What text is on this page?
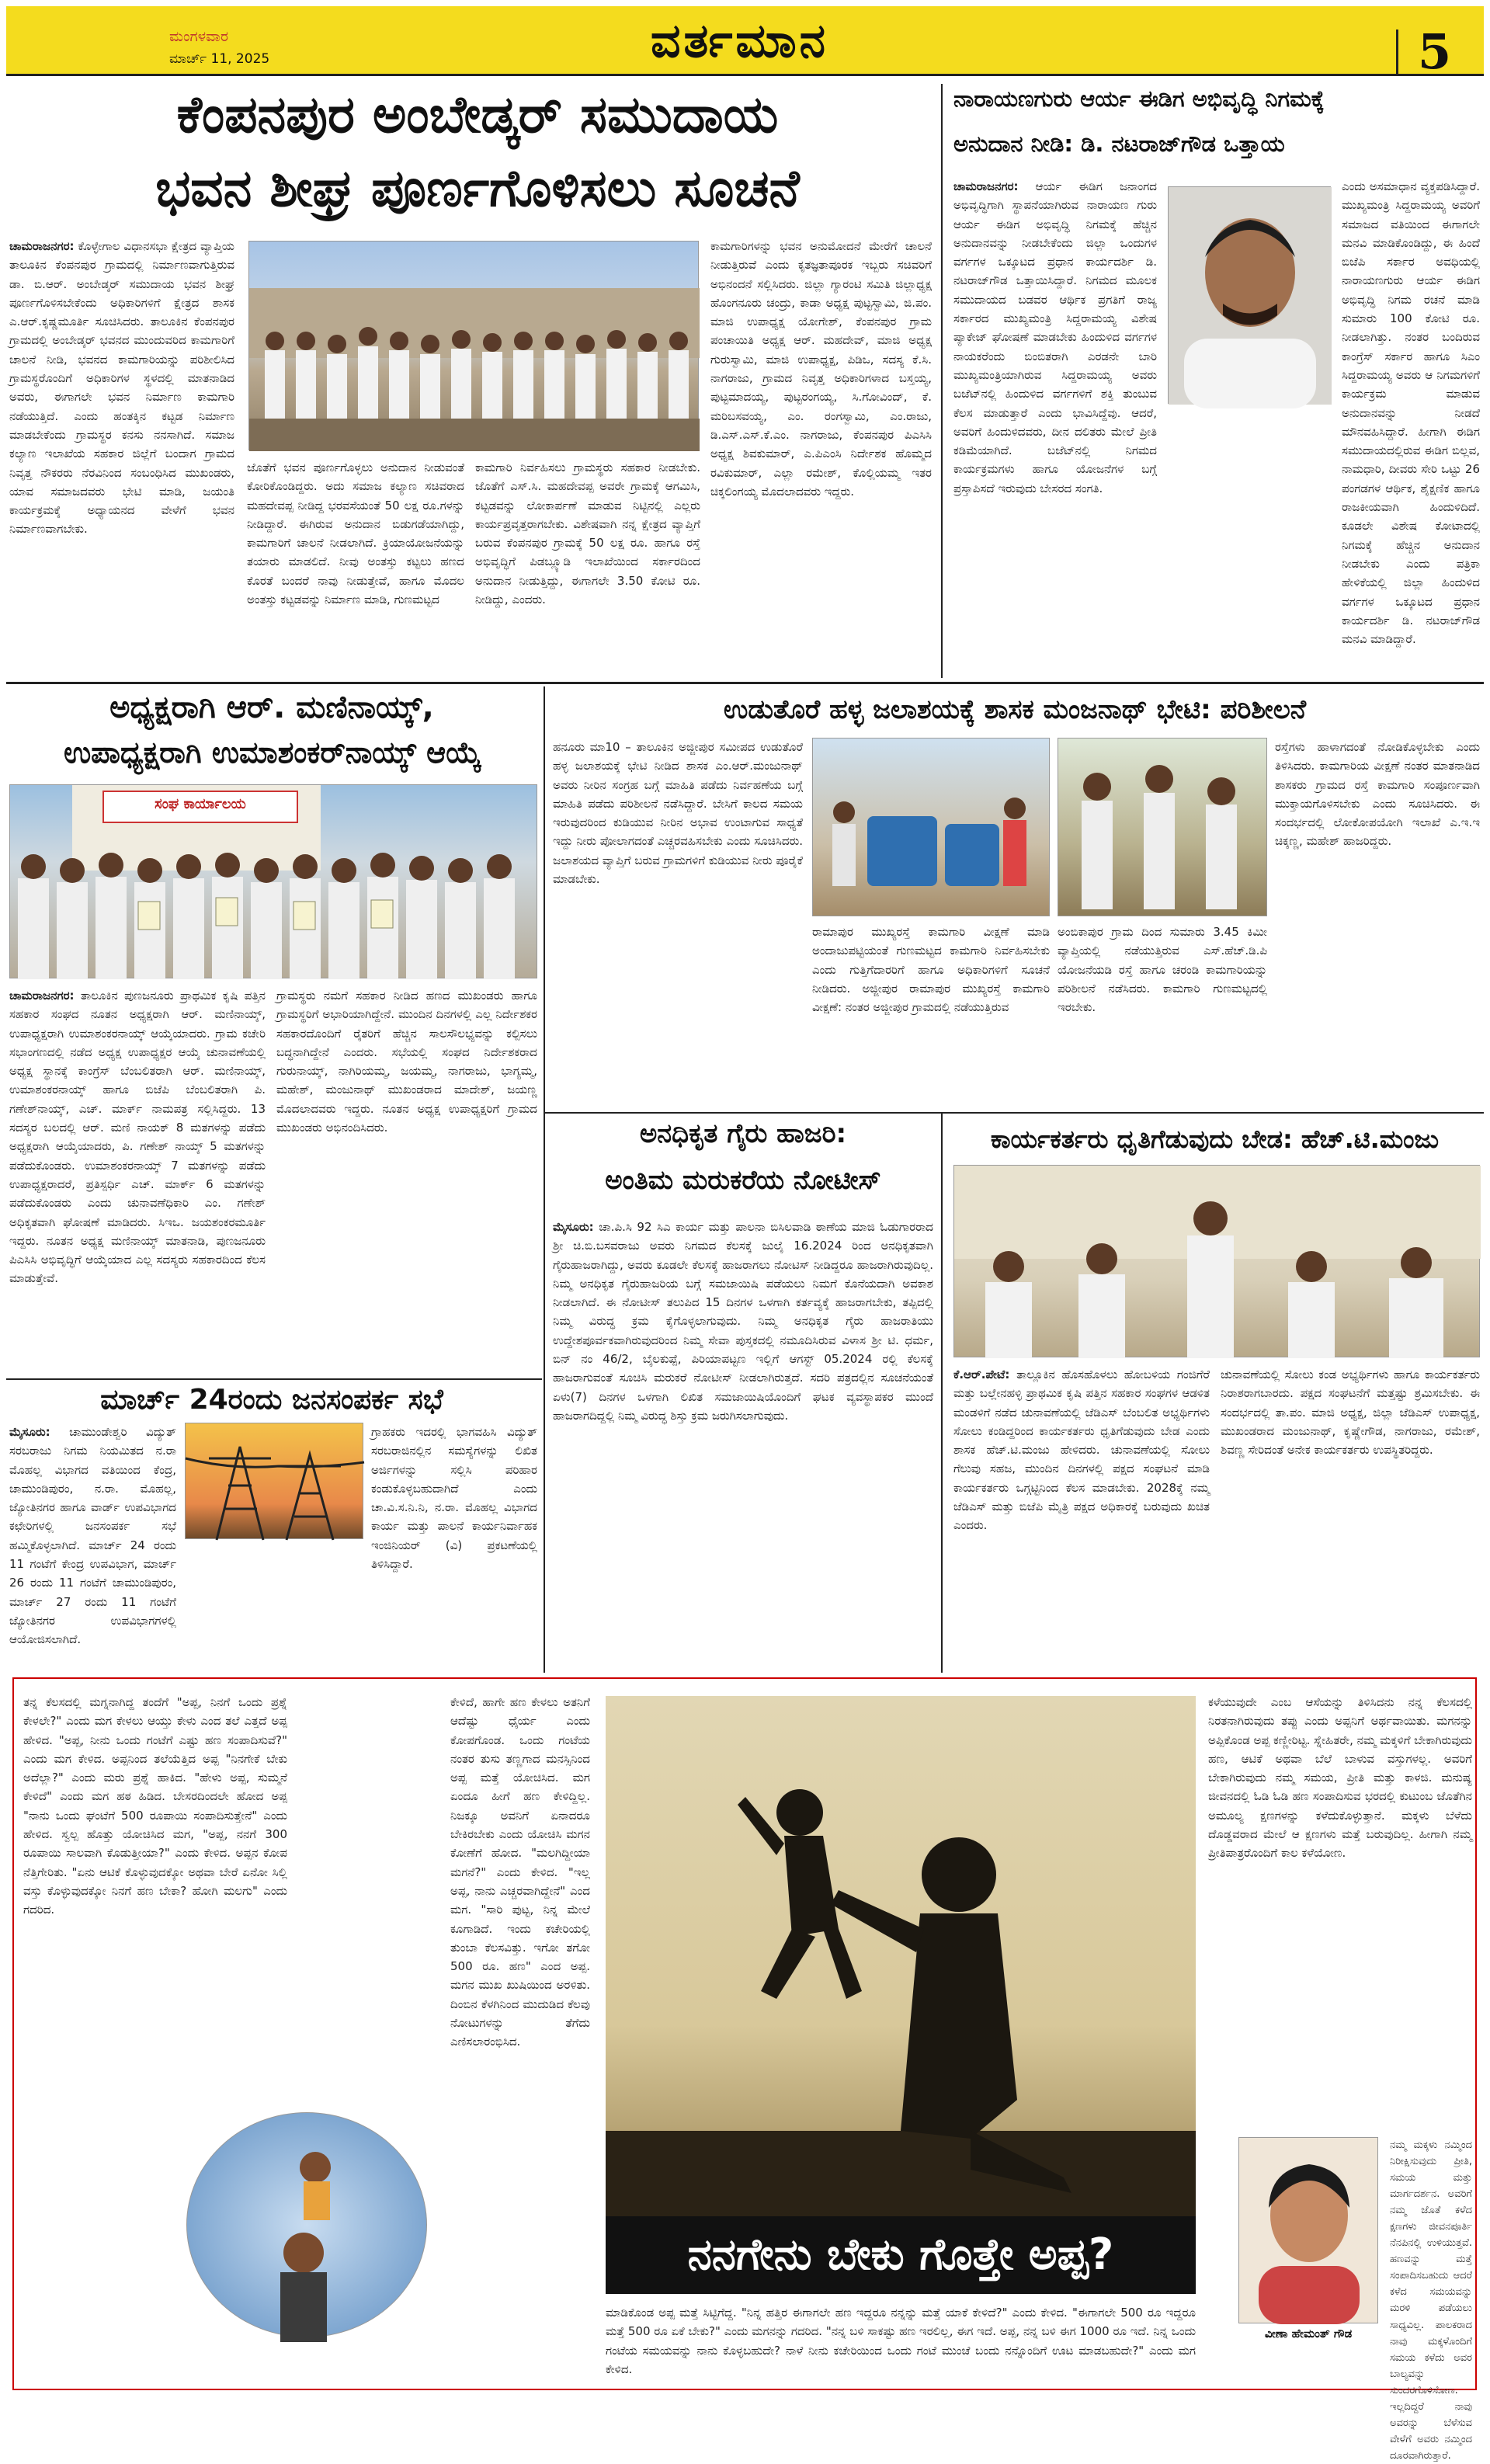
ಮಂಗಳವಾರ
ಮಾರ್ಚ್ 11, 2025	ವರ್ತಮಾನ	5
ಕೆಂಪನಪುರ ಅಂಬೇಡ್ಕರ್ ಸಮುದಾಯ
ಭವನ ಶೀಘ್ರ ಪೂರ್ಣಗೊಳಿಸಲು ಸೂಚನೆ
ಚಾಮರಾಜನಗರ: ಕೊಳ್ಳೇಗಾಲ ವಿಧಾನಸಭಾ ಕ್ಷೇತ್ರದ ವ್ಯಾಪ್ತಿಯ ತಾಲೂಕಿನ ಕೆಂಪನಪುರ ಗ್ರಾಮದಲ್ಲಿ ನಿರ್ಮಾಣವಾಗುತ್ತಿರುವ ಡಾ. ಬಿ.ಆರ್. ಅಂಬೇಡ್ಕರ್ ಸಮುದಾಯ ಭವನ ಶೀಘ್ರ ಪೂರ್ಣಗೊಳಿಸಬೇಕೆಂದು ಅಧಿಕಾರಿಗಳಿಗೆ ಕ್ಷೇತ್ರದ ಶಾಸಕ ಎ.ಆರ್.ಕೃಷ್ಣಮೂರ್ತಿ ಸೂಚಿಸಿದರು. ತಾಲೂಕಿನ ಕೆಂಪನಪುರ ಗ್ರಾಮದಲ್ಲಿ ಅಂಬೇಡ್ಕರ್ ಭವನದ ಮುಂದುವರಿದ ಕಾಮಗಾರಿಗೆ ಚಾಲನೆ ನೀಡಿ, ಭವನದ ಕಾಮಗಾರಿಯನ್ನು ಪರಿಶೀಲಿಸಿದ ಗ್ರಾಮಸ್ಥರೊಂದಿಗೆ ಅಧಿಕಾರಿಗಳ ಸ್ಥಳದಲ್ಲಿ ಮಾತನಾಡಿದ ಅವರು, ಈಗಾಗಲೇ ಭವನ ನಿರ್ಮಾಣ ಕಾಮಗಾರಿ ನಡೆಯುತ್ತಿದೆ. ಎಂದು ಹಂತಕ್ಕಿನ ಕಟ್ಟಡ ನಿರ್ಮಾಣ ಮಾಡಬೇಕೆಂದು ಗ್ರಾಮಸ್ಥರ ಕನಸು ನನಸಾಗಿದೆ. ಸಮಾಜ ಕಲ್ಯಾಣ ಇಲಾಖೆಯ ಸಹಕಾರ ಜಿಲ್ಲೆಗೆ ಬಂದಾಗ ಗ್ರಾಮದ ನಿವೃತ್ತ ನೌಕರರು ನೆರವಿನಿಂದ ಸಂಬಂಧಿಸಿದ ಮುಖಂಡರು, ಯಾವ ಸಮಾಜದವರು ಭೇಟಿ ಮಾಡಿ, ಜಯಂತಿ ಕಾರ್ಯಕ್ರಮಕ್ಕೆ ಅಧ್ಯಾಯನದ ವೇಳೆಗೆ ಭವನ ನಿರ್ಮಾಣವಾಗಬೇಕು.
ಜೊತೆಗೆ ಭವನ ಪೂರ್ಣಗೊಳ್ಳಲು ಅನುದಾನ ನೀಡುವಂತೆ ಕೋರಿಕೊಂಡಿದ್ದರು. ಅದು ಸಮಾಜ ಕಲ್ಯಾಣ ಸಚಿವರಾದ ಮಹದೇವಪ್ಪ ನೀಡಿದ್ದ ಭರವಸೆಯಂತೆ 50 ಲಕ್ಷ ರೂ.ಗಳನ್ನು ನೀಡಿದ್ದಾರೆ. ಈಗಿರುವ ಅನುದಾನ ಬಿಡುಗಡೆಯಾಗಿದ್ದು, ಕಾಮಗಾರಿಗೆ ಚಾಲನೆ ನೀಡಲಾಗಿದೆ. ಕ್ರಿಯಾಯೋಜನೆಯನ್ನು ತಯಾರು ಮಾಡಲಿದೆ. ನೀವು ಅಂತಸ್ತು ಕಟ್ಟಲು ಹಣದ ಕೊರತೆ ಬಂದರೆ ನಾವು ನೀಡುತ್ತೇವೆ, ಹಾಗೂ ಮೊದಲ ಅಂತಸ್ತು ಕಟ್ಟಡವನ್ನು ನಿರ್ಮಾಣ ಮಾಡಿ, ಗುಣಮಟ್ಟದ
ಕಾಮಗಾರಿ ನಿರ್ವಹಿಸಲು ಗ್ರಾಮಸ್ಥರು ಸಹಕಾರ ನೀಡಬೇಕು. ಜೊತೆಗೆ ಎಸ್.ಸಿ. ಮಹದೇವಪ್ಪ ಅವರೇ ಗ್ರಾಮಕ್ಕೆ ಆಗಮಿಸಿ, ಕಟ್ಟಡವನ್ನು ಲೋಕಾರ್ಪಣೆ ಮಾಡುವ ನಿಟ್ಟಿನಲ್ಲಿ ಎಲ್ಲರು ಕಾರ್ಯಪ್ರವೃತ್ತರಾಗಬೇಕು. ವಿಶೇಷವಾಗಿ ನನ್ನ ಕ್ಷೇತ್ರದ ವ್ಯಾಪ್ತಿಗೆ ಬರುವ ಕೆಂಪನಪುರ ಗ್ರಾಮಕ್ಕೆ 50 ಲಕ್ಷ ರೂ. ಹಾಗೂ ರಸ್ತೆ ಅಭಿವೃದ್ಧಿಗೆ ಪಿಡಬ್ಲ್ಯೂಡಿ ಇಲಾಖೆಯಿಂದ ಸರ್ಕಾರದಿಂದ ಅನುದಾನ ನೀಡುತ್ತಿದ್ದು, ಈಗಾಗಲೇ 3.50 ಕೋಟಿ ರೂ. ನೀಡಿದ್ದು, ಎಂದರು.
ಕಾಮಗಾರಿಗಳನ್ನು ಭವನ ಅನುಮೋದನೆ ಮೇರೆಗೆ ಚಾಲನೆ ನೀಡುತ್ತಿರುವೆ ಎಂದು ಕೃತಜ್ಞತಾಪೂರಕ ಇಬ್ಬರು ಸಚಿವರಿಗೆ ಅಭಿನಂದನೆ ಸಲ್ಲಿಸಿದರು. ಜಿಲ್ಲಾ ಗ್ಯಾರಂಟಿ ಸಮಿತಿ ಜಿಲ್ಲಾಧ್ಯಕ್ಷ ಹೊಂಗನೂರು ಚಂದ್ರು, ಕಾಡಾ ಅಧ್ಯಕ್ಷ ಪುಟ್ಟಸ್ವಾಮಿ, ಜಿ.ಪಂ. ಮಾಜಿ ಉಪಾಧ್ಯಕ್ಷ ಯೋಗೇಶ್, ಕೆಂಪನಪುರ ಗ್ರಾಮ ಪಂಚಾಯಿತಿ ಅಧ್ಯಕ್ಷ ಆರ್. ಮಹದೇವ್, ಮಾಜಿ ಅಧ್ಯಕ್ಷ ಗುರುಸ್ವಾಮಿ, ಮಾಜಿ ಉಪಾಧ್ಯಕ್ಷ, ಪಿಡಿಒ, ಸದಸ್ಯ ಕೆ.ಸಿ. ನಾಗರಾಜು, ಗ್ರಾಮದ ನಿವೃತ್ತ ಅಧಿಕಾರಿಗಳಾದ ಬಸ್ತಯ್ಯ, ಪುಟ್ಟಮಾದಯ್ಯ, ಪುಟ್ಟರಂಗಯ್ಯ, ಸಿ.ಗೋವಿಂದ್, ಕೆ. ಮರಿಬಸವಯ್ಯ, ಎಂ. ರಂಗಸ್ವಾಮಿ, ಎಂ.ರಾಜು, ಡಿ.ಎಸ್.ಎಸ್.ಕೆ.ಎಂ. ನಾಗರಾಜು, ಕೆಂಪನಪುರ ಪಿಎಸಿಸಿ ಅಧ್ಯಕ್ಷ ಶಿವಕುಮಾರ್, ಎ.ಪಿಎಂಸಿ ನಿರ್ದೇಶಕ ಹೊಮ್ಮದ ರವಿಕುಮಾರ್, ಎಲ್ಲಾ ರಮೇಶ್, ಕೊಲ್ಲಿಯಮ್ಮ ಇತರ ಚಿಕ್ಕಲಿಂಗಯ್ಯ ಮೊದಲಾದವರು ಇದ್ದರು.
ನಾರಾಯಣಗುರು ಆರ್ಯ ಈಡಿಗ ಅಭಿವೃದ್ಧಿ ನಿಗಮಕ್ಕೆ
ಅನುದಾನ ನೀಡಿ: ಡಿ. ನಟರಾಜ್‌ಗೌಡ ಒತ್ತಾಯ
ಚಾಮರಾಜನಗರ: ಆರ್ಯ ಈಡಿಗ ಜನಾಂಗದ ಅಭಿವೃದ್ಧಿಗಾಗಿ ಸ್ಥಾಪನೆಯಾಗಿರುವ ನಾರಾಯಣ ಗುರು ಆರ್ಯ ಈಡಿಗ ಅಭಿವೃದ್ಧಿ ನಿಗಮಕ್ಕೆ ಹೆಚ್ಚಿನ ಅನುದಾನವನ್ನು ನೀಡಬೇಕೆಂದು ಜಿಲ್ಲಾ ಒಂದುಗಳ ವರ್ಗಗಳ ಒಕ್ಕೂಟದ ಪ್ರಧಾನ ಕಾರ್ಯದರ್ಶಿ ಡಿ. ನಟರಾಜ್‌ಗೌಡ ಒತ್ತಾಯಿಸಿದ್ದಾರೆ. ನಿಗಮದ ಮೂಲಕ ಸಮುದಾಯದ ಬಡವರ ಆರ್ಥಿಕ ಪ್ರಗತಿಗೆ ರಾಜ್ಯ ಸರ್ಕಾರದ ಮುಖ್ಯಮಂತ್ರಿ ಸಿದ್ದರಾಮಯ್ಯ ವಿಶೇಷ ಪ್ಯಾಕೇಜ್ ಘೋಷಣೆ ಮಾಡಬೇಕು ಹಿಂದುಳಿದ ವರ್ಗಗಳ ನಾಯಕರೆಂದು ಬಿಂಬಿತರಾಗಿ ಎರಡನೇ ಬಾರಿ ಮುಖ್ಯಮಂತ್ರಿಯಾಗಿರುವ ಸಿದ್ದರಾಮಯ್ಯ ಅವರು ಬಜೆಟ್‌ನಲ್ಲಿ ಹಿಂದುಳಿದ ವರ್ಗಗಳಿಗೆ ಶಕ್ತಿ ತುಂಬುವ ಕೆಲಸ ಮಾಡುತ್ತಾರೆ ಎಂದು ಭಾವಿಸಿದ್ದೆವು. ಆದರೆ, ಅವರಿಗೆ ಹಿಂದುಳಿದವರು, ದೀನ ದಲಿತರು ಮೇಲೆ ಪ್ರೀತಿ ಕಡಿಮೆಯಾಗಿದೆ. ಬಜೆಟ್‌ನಲ್ಲಿ ನಿಗಮದ ಕಾರ್ಯಕ್ರಮಗಳು ಹಾಗೂ ಯೋಜನೆಗಳ ಬಗ್ಗೆ ಪ್ರಸ್ತಾಪಿಸದೆ ಇರುವುದು ಬೇಸರದ ಸಂಗತಿ.
ಎಂದು ಅಸಮಾಧಾನ ವ್ಯಕ್ತಪಡಿಸಿದ್ದಾರೆ. ಮುಖ್ಯಮಂತ್ರಿ ಸಿದ್ದರಾಮಯ್ಯ ಅವರಿಗೆ ಸಮಾಜದ ವತಿಯಿಂದ ಈಗಾಗಲೇ ಮನವಿ ಮಾಡಿಕೊಂಡಿದ್ದು, ಈ ಹಿಂದೆ ಬಿಜೆಪಿ ಸರ್ಕಾರ ಅವಧಿಯಲ್ಲಿ ನಾರಾಯಣಗುರು ಆರ್ಯ ಈಡಿಗ ಅಭಿವೃದ್ಧಿ ನಿಗಮ ರಚನೆ ಮಾಡಿ ಸುಮಾರು 100 ಕೋಟಿ ರೂ. ನೀಡಲಾಗಿತ್ತು. ನಂತರ ಬಂದಿರುವ ಕಾಂಗ್ರೆಸ್ ಸರ್ಕಾರ ಹಾಗೂ ಸಿಎಂ ಸಿದ್ದರಾಮಯ್ಯ ಅವರು ಆ ನಿಗಮಗಳಿಗೆ ಕಾರ್ಯಕ್ರಮ ಮಾಡುವ ಅನುದಾನವನ್ನು ನೀಡದೆ ಮೌನವಹಿಸಿದ್ದಾರೆ. ಹೀಗಾಗಿ ಈಡಿಗ ಸಮುದಾಯದಲ್ಲಿರುವ ಈಡಿಗ ಬಿಲ್ಲವ, ನಾಮಧಾರಿ, ದೀವರು ಸೇರಿ ಒಟ್ಟು 26 ಪಂಗಡಗಳ ಆರ್ಥಿಕ, ಶೈಕ್ಷಣಿಕ ಹಾಗೂ ರಾಜಕೀಯವಾಗಿ ಹಿಂದುಳಿದಿದೆ. ಕೂಡಲೇ ವಿಶೇಷ ಕೋಟಾದಲ್ಲಿ ನಿಗಮಕ್ಕೆ ಹೆಚ್ಚಿನ ಅನುದಾನ ನೀಡಬೇಕು ಎಂದು ಪತ್ರಿಕಾ ಹೇಳಿಕೆಯಲ್ಲಿ ಜಿಲ್ಲಾ ಹಿಂದುಳಿದ ವರ್ಗಗಳ ಒಕ್ಕೂಟದ ಪ್ರಧಾನ ಕಾರ್ಯದರ್ಶಿ ಡಿ. ನಟರಾಜ್‌ಗೌಡ ಮನವಿ ಮಾಡಿದ್ದಾರೆ.
ಅಧ್ಯಕ್ಷರಾಗಿ ಆರ್. ಮಣಿನಾಯ್ಕ್,
ಉಪಾಧ್ಯಕ್ಷರಾಗಿ ಉಮಾಶಂಕರ್‌ನಾಯ್ಕ್ ಆಯ್ಕೆ
ಸಂಘ ಕಾರ್ಯಾಲಯ
ಚಾಮರಾಜನಗರ: ತಾಲೂಕಿನ ಪುಣಜನೂರು ಪ್ರಾಥಮಿಕ ಕೃಷಿ ಪತ್ತಿನ ಸಹಕಾರ ಸಂಘದ ನೂತನ ಅಧ್ಯಕ್ಷರಾಗಿ ಆರ್. ಮಣಿನಾಯ್ಕ್, ಉಪಾಧ್ಯಕ್ಷರಾಗಿ ಉಮಾಶಂಕರನಾಯ್ಕ್ ಆಯ್ಕೆಯಾದರು. ಗ್ರಾಮ ಕಚೇರಿ ಸಭಾಂಗಣದಲ್ಲಿ ನಡೆದ ಅಧ್ಯಕ್ಷ ಉಪಾಧ್ಯಕ್ಷರ ಆಯ್ಕೆ ಚುನಾವಣೆಯಲ್ಲಿ ಅಧ್ಯಕ್ಷ ಸ್ಥಾನಕ್ಕೆ ಕಾಂಗ್ರೆಸ್ ಬೆಂಬಲಿತರಾಗಿ ಆರ್. ಮಣಿನಾಯ್ಕ್, ಉಮಾಶಂಕರನಾಯ್ಕ್ ಹಾಗೂ ಬಿಜೆಪಿ ಬೆಂಬಲಿತರಾಗಿ ಪಿ. ಗಣೇಶ್‌ನಾಯ್ಕ್, ಎಚ್. ಮಾರ್ಕ್ ನಾಮಪತ್ರ ಸಲ್ಲಿಸಿದ್ದರು. 13 ಸದಸ್ಯರ ಬಲದಲ್ಲಿ ಆರ್. ಮಣಿ ನಾಯಕ್ 8 ಮತಗಳನ್ನು ಪಡೆದು ಅಧ್ಯಕ್ಷರಾಗಿ ಆಯ್ಕೆಯಾದರು, ಪಿ. ಗಣೇಶ್ ನಾಯ್ಕ್ 5 ಮತಗಳನ್ನು ಪಡೆದುಕೊಂಡರು. ಉಮಾಶಂಕರನಾಯ್ಕ್ 7 ಮತಗಳನ್ನು ಪಡೆದು ಉಪಾಧ್ಯಕ್ಷರಾದರೆ, ಪ್ರತಿಸ್ಪರ್ಧಿ ಎಚ್. ಮಾರ್ಕ್ 6 ಮತಗಳನ್ನು ಪಡೆದುಕೊಂಡರು ಎಂದು ಚುನಾವಣೆಧಿಕಾರಿ ಎಂ. ಗಣೇಶ್ ಅಧಿಕೃತವಾಗಿ ಘೋಷಣೆ ಮಾಡಿದರು. ಸಿಇಒ. ಜಯಶಂಕರಮೂರ್ತಿ ಇದ್ದರು. ನೂತನ ಅಧ್ಯಕ್ಷ ಮಣಿನಾಯ್ಕ್ ಮಾತನಾಡಿ, ಪುಣಜನೂರು ಪಿಎಸಿಸಿ ಅಭಿವೃದ್ಧಿಗೆ ಆಯ್ಕೆಯಾದ ಎಲ್ಲ ಸದಸ್ಯರು ಸಹಕಾರದಿಂದ ಕೆಲಸ ಮಾಡುತ್ತೇವೆ.
ಗ್ರಾಮಸ್ಥರು ನಮಗೆ ಸಹಕಾರ ನೀಡಿದ ಹಣದ ಮುಖಂಡರು ಹಾಗೂ ಗ್ರಾಮಸ್ಥರಿಗೆ ಅಭಾರಿಯಾಗಿದ್ದೇನೆ. ಮುಂದಿನ ದಿನಗಳಲ್ಲಿ ಎಲ್ಲ ನಿರ್ದೇಶಕರ ಸಹಕಾರದೊಂದಿಗೆ ರೈತರಿಗೆ ಹೆಚ್ಚಿನ ಸಾಲಸೌಲಭ್ಯವನ್ನು ಕಲ್ಪಿಸಲು ಬದ್ಧನಾಗಿದ್ದೇನೆ ಎಂದರು. ಸಭೆಯಲ್ಲಿ ಸಂಘದ ನಿರ್ದೇಶಕರಾದ ಗುರುನಾಯ್ಕ್, ನಾಗಿರಿಯಮ್ಮ, ಜಯಮ್ಮ, ನಾಗರಾಜು, ಭಾಗ್ಯಮ್ಮ, ಮಹೇಶ್, ಮಂಜುನಾಥ್ ಮುಖಂಡರಾದ ಮಾದೇಶ್, ಜಯಣ್ಣ ಮೊದಲಾದವರು ಇದ್ದರು. ನೂತನ ಅಧ್ಯಕ್ಷ ಉಪಾಧ್ಯಕ್ಷರಿಗೆ ಗ್ರಾಮದ ಮುಖಂಡರು ಅಭಿನಂದಿಸಿದರು.
ಮಾರ್ಚ್ 24ರಂದು ಜನಸಂಪರ್ಕ ಸಭೆ
ಮೈಸೂರು: ಚಾಮುಂಡೇಶ್ವರಿ ವಿದ್ಯುತ್ ಸರಬರಾಜು ನಿಗಮ ನಿಯಮಿತದ ನ.ರಾ ಮೊಹಲ್ಲ ವಿಭಾಗದ ವತಿಯಿಂದ ಕೆಂದ್ರ, ಚಾಮುಂಡಿಪುರಂ, ನ.ರಾ. ಮೊಹಲ್ಲ, ಜ್ಯೋತಿನಗರ ಹಾಗೂ ವಾರ್ಡ್ ಉಪವಿಭಾಗದ ಕಛೇರಿಗಳಲ್ಲಿ ಜನಸಂಪರ್ಕ ಸಭೆ ಹಮ್ಮಿಕೊಳ್ಳಲಾಗಿದೆ. ಮಾರ್ಚ್ 24 ರಂದು 11 ಗಂಟೆಗೆ ಕೇಂದ್ರ ಉಪವಿಭಾಗ, ಮಾರ್ಚ್ 26 ರಂದು 11 ಗಂಟೆಗೆ ಚಾಮುಂಡಿಪುರಂ, ಮಾರ್ಚ್ 27 ರಂದು 11 ಗಂಟೆಗೆ ಜ್ಯೋತಿನಗರ ಉಪವಿಭಾಗಗಳಲ್ಲಿ ಆಯೋಜಿಸಲಾಗಿದೆ.
ಗ್ರಾಹಕರು ಇದರಲ್ಲಿ ಭಾಗವಹಿಸಿ ವಿದ್ಯುತ್ ಸರಬರಾಜಿನಲ್ಲಿನ ಸಮಸ್ಯೆಗಳನ್ನು ಲಿಖಿತ ಅರ್ಜಿಗಳನ್ನು ಸಲ್ಲಿಸಿ ಪರಿಹಾರ ಕಂಡುಕೊಳ್ಳಬಹುದಾಗಿದೆ ಎಂದು ಚಾ.ವಿ.ಸ.ನಿ.ನಿ, ನ.ರಾ. ಮೊಹಲ್ಲ ವಿಭಾಗದ ಕಾರ್ಯ ಮತ್ತು ಪಾಲನೆ ಕಾರ್ಯನಿರ್ವಾಹಕ ಇಂಜಿನಿಯರ್ (ವಿ) ಪ್ರಕಟಣೆಯಲ್ಲಿ ತಿಳಿಸಿದ್ದಾರೆ.
ಉಡುತೊರೆ ಹಳ್ಳ ಜಲಾಶಯಕ್ಕೆ ಶಾಸಕ ಮಂಜನಾಥ್ ಭೇಟಿ: ಪರಿಶೀಲನೆ
ಹನೂರು ಮಾ10 – ತಾಲೂಕಿನ ಅಜ್ಜೀಪುರ ಸಮೀಪದ ಉಡುತೊರೆ ಹಳ್ಳ ಜಲಾಶಯಕ್ಕೆ ಭೇಟಿ ನೀಡಿದ ಶಾಸಕ ಎಂ.ಆರ್.ಮಂಜುನಾಥ್ ಅವರು ನೀರಿನ ಸಂಗ್ರಹ ಬಗ್ಗೆ ಮಾಹಿತಿ ಪಡೆದು ನಿರ್ವಹಣೆಯ ಬಗ್ಗೆ ಮಾಹಿತಿ ಪಡೆದು ಪರಿಶೀಲನೆ ನಡೆಸಿದ್ದಾರೆ. ಬೇಸಿಗೆ ಕಾಲದ ಸಮಯ ಇರುವುದರಿಂದ ಕುಡಿಯುವ ನೀರಿನ ಅಭಾವ ಉಂಟಾಗುವ ಸಾಧ್ಯತೆ ಇದ್ದು ನೀರು ಪೋಲಾಗದಂತೆ ಎಚ್ಚರವಹಿಸಬೇಕು ಎಂದು ಸೂಚಿಸಿದರು. ಜಲಾಶಯದ ವ್ಯಾಪ್ತಿಗೆ ಬರುವ ಗ್ರಾಮಗಳಿಗೆ ಕುಡಿಯುವ ನೀರು ಪೂರೈಕೆ ಮಾಡಬೇಕು.
ರಾಮಾಪುರ ಮುಖ್ಯರಸ್ತೆ ಕಾಮಗಾರಿ ವೀಕ್ಷಣೆ ಮಾಡಿ ಅಂದಾಜುಪಟ್ಟಿಯಂತೆ ಗುಣಮಟ್ಟದ ಕಾಮಗಾರಿ ನಿರ್ವಹಿಸಬೇಕು ಎಂದು ಗುತ್ತಿಗೆದಾರರಿಗೆ ಹಾಗೂ ಅಧಿಕಾರಿಗಳಿಗೆ ಸೂಚನೆ ನೀಡಿದರು. ಅಜ್ಜೀಪುರ ರಾಮಾಪುರ ಮುಖ್ಯರಸ್ತೆ ಕಾಮಗಾರಿ ವೀಕ್ಷಣೆ: ನಂತರ ಅಜ್ಜೀಪುರ ಗ್ರಾಮದಲ್ಲಿ ನಡೆಯುತ್ತಿರುವ
ಅಂಬಿಕಾಪುರ ಗ್ರಾಮ ದಿಂದ ಸುಮಾರು 3.45 ಕಿಮೀ ವ್ಯಾಪ್ತಿಯಲ್ಲಿ ನಡೆಯುತ್ತಿರುವ ಎಸ್.ಹೆಚ್.ಡಿ.ಪಿ ಯೋಜನೆಯಡಿ ರಸ್ತೆ ಹಾಗೂ ಚರಂಡಿ ಕಾಮಗಾರಿಯನ್ನು ಪರಿಶೀಲನೆ ನಡೆಸಿದರು. ಕಾಮಗಾರಿ ಗುಣಮಟ್ಟದಲ್ಲಿ ಇರಬೇಕು.
ರಸ್ತೆಗಳು ಹಾಳಾಗದಂತೆ ನೋಡಿಕೊಳ್ಳಬೇಕು ಎಂದು ತಿಳಿಸಿದರು. ಕಾಮಗಾರಿಯ ವೀಕ್ಷಣೆ ನಂತರ ಮಾತನಾಡಿದ ಶಾಸಕರು ಗ್ರಾಮದ ರಸ್ತೆ ಕಾಮಗಾರಿ ಸಂಪೂರ್ಣವಾಗಿ ಮುಕ್ತಾಯಗೊಳಿಸಬೇಕು ಎಂದು ಸೂಚಿಸಿದರು. ಈ ಸಂದರ್ಭದಲ್ಲಿ ಲೋಕೋಪಯೋಗಿ ಇಲಾಖೆ ಎ.ಇ.ಇ ಚಿಕ್ಕಣ್ಣ, ಮಹೇಶ್ ಹಾಜರಿದ್ದರು.
ಅನಧಿಕೃತ ಗೈರು ಹಾಜರಿ:
ಅಂತಿಮ ಮರುಕರೆಯ ನೋಟೀಸ್
ಮೈಸೂರು: ಚಾ.ಪಿ.ಸಿ 92 ಸಿಎ ಕಾರ್ಯ ಮತ್ತು ಪಾಲನಾ ಬಿಸಿಲವಾಡಿ ಠಾಣೆಯ ಮಾಜಿ ಓಡುಗಾರರಾದ ಶ್ರೀ ಚಿ.ಬಿ.ಬಸವರಾಜು ಅವರು ನಿಗಮದ ಕೆಲಸಕ್ಕೆ ಜುಲೈ 16.2024 ರಿಂದ ಅನಧಿಕೃತವಾಗಿ ಗೈರುಹಾಜರಾಗಿದ್ದು, ಅವರು ಕೂಡಲೇ ಕೆಲಸಕ್ಕೆ ಹಾಜರಾಗಲು ನೋಟಿಸ್ ನೀಡಿದ್ದರೂ ಹಾಜರಾಗಿರುವುದಿಲ್ಲ. ನಿಮ್ಮ ಅನಧಿಕೃತ ಗೈರುಹಾಜರಿಯ ಬಗ್ಗೆ ಸಮಜಾಯಿಷಿ ಪಡೆಯಲು ನಿಮಗೆ ಕೊನೆಯದಾಗಿ ಅವಕಾಶ ನೀಡಲಾಗಿದೆ. ಈ ನೋಟೀಸ್ ತಲುಪಿದ 15 ದಿನಗಳ ಒಳಗಾಗಿ ಕರ್ತವ್ಯಕ್ಕೆ ಹಾಜರಾಗಬೇಕು, ತಪ್ಪಿದಲ್ಲಿ ನಿಮ್ಮ ವಿರುದ್ಧ ಕ್ರಮ ಕೈಗೊಳ್ಳಲಾಗುವುದು. ನಿಮ್ಮ ಅನಧಿಕೃತ ಗೈರು ಹಾಜರಾತಿಯು ಉದ್ದೇಶಪೂರ್ವಕವಾಗಿರುವುದರಿಂದ ನಿಮ್ಮ ಸೇವಾ ಪುಸ್ತಕದಲ್ಲಿ ನಮೂದಿಸಿರುವ ವಿಳಾಸ ಶ್ರೀ ಟಿ. ಧರ್ಮ, ಬಿನ್ ನಂ 46/2, ಬೈಲಕುಪ್ಪೆ, ಪಿರಿಯಾಪಟ್ಟಣ ಇಲ್ಲಿಗೆ ಆಗಸ್ಟ್ 05.2024 ರಲ್ಲಿ ಕೆಲಸಕ್ಕೆ ಹಾಜರಾಗುವಂತೆ ಸೂಚಿಸಿ ಮರುಕರೆ ನೋಟೀಸ್ ನೀಡಲಾಗಿರುತ್ತದೆ. ಸದರಿ ಪತ್ರದಲ್ಲಿನ ಸೂಚನೆಯಂತೆ ಏಳು(7) ದಿನಗಳ ಒಳಗಾಗಿ ಲಿಖಿತ ಸಮಜಾಯಿಷಿಯೊಂದಿಗೆ ಘಟಕ ವ್ಯವಸ್ಥಾಪಕರ ಮುಂದೆ ಹಾಜರಾಗದಿದ್ದಲ್ಲಿ ನಿಮ್ಮ ವಿರುದ್ಧ ಶಿಸ್ತು ಕ್ರಮ ಜರುಗಿಸಲಾಗುವುದು.
ಕಾರ್ಯಕರ್ತರು ಧೃತಿಗೆಡುವುದು ಬೇಡ: ಹೆಚ್.ಟಿ.ಮಂಜು
ಕೆ.ಆರ್.ಪೇಟೆ: ತಾಲ್ಲೂಕಿನ ಹೊಸಹೊಳಲು ಹೋಬಳಿಯ ಗಂಜಿಗೆರೆ ಮತ್ತು ಬಲ್ಲೇನಹಳ್ಳಿ ಪ್ರಾಥಮಿಕ ಕೃಷಿ ಪತ್ತಿನ ಸಹಕಾರ ಸಂಘಗಳ ಆಡಳಿತ ಮಂಡಳಿಗೆ ನಡೆದ ಚುನಾವಣೆಯಲ್ಲಿ ಜೆಡಿಎಸ್ ಬೆಂಬಲಿತ ಅಭ್ಯರ್ಥಿಗಳು ಸೋಲು ಕಂಡಿದ್ದರಿಂದ ಕಾರ್ಯಕರ್ತರು ಧೃತಿಗೆಡುವುದು ಬೇಡ ಎಂದು ಶಾಸಕ ಹೆಚ್.ಟಿ.ಮಂಜು ಹೇಳಿದರು. ಚುನಾವಣೆಯಲ್ಲಿ ಸೋಲು ಗೆಲುವು ಸಹಜ, ಮುಂದಿನ ದಿನಗಳಲ್ಲಿ ಪಕ್ಷದ ಸಂಘಟನೆ ಮಾಡಿ ಕಾರ್ಯಕರ್ತರು ಒಗ್ಗಟ್ಟಿನಿಂದ ಕೆಲಸ ಮಾಡಬೇಕು. 2028ಕ್ಕೆ ನಮ್ಮ ಜೆಡಿಎಸ್ ಮತ್ತು ಬಿಜೆಪಿ ಮೈತ್ರಿ ಪಕ್ಷದ ಅಧಿಕಾರಕ್ಕೆ ಬರುವುದು ಖಚಿತ ಎಂದರು.
ಚುನಾವಣೆಯಲ್ಲಿ ಸೋಲು ಕಂಡ ಅಭ್ಯರ್ಥಿಗಳು ಹಾಗೂ ಕಾರ್ಯಕರ್ತರು ನಿರಾಶರಾಗಬಾರದು. ಪಕ್ಷದ ಸಂಘಟನೆಗೆ ಮತ್ತಷ್ಟು ಶ್ರಮಿಸಬೇಕು. ಈ ಸಂದರ್ಭದಲ್ಲಿ ತಾ.ಪಂ. ಮಾಜಿ ಅಧ್ಯಕ್ಷ, ಜಿಲ್ಲಾ ಜೆಡಿಎಸ್ ಉಪಾಧ್ಯಕ್ಷ, ಮುಖಂಡರಾದ ಮಂಜುನಾಥ್, ಕೃಷ್ಣೇಗೌಡ, ನಾಗರಾಜು, ರಮೇಶ್, ಶಿವಣ್ಣ ಸೇರಿದಂತೆ ಅನೇಕ ಕಾರ್ಯಕರ್ತರು ಉಪಸ್ಥಿತರಿದ್ದರು.
ನನಗೇನು ಬೇಕು ಗೊತ್ತೇ ಅಪ್ಪ?
ವೀಣಾ ಹೇಮಂತ್ ಗೌಡ
ತನ್ನ ಕೆಲಸದಲ್ಲಿ ಮಗ್ನನಾಗಿದ್ದ ತಂದೆಗೆ "ಅಪ್ಪ, ನಿನಗೆ ಒಂದು ಪ್ರಶ್ನೆ ಕೇಳಲೇ?" ಎಂದು ಮಗ ಕೇಳಲು ಆಯ್ತು ಕೇಳು ಎಂದ ತಲೆ ಎತ್ತದೆ ಅಪ್ಪ ಹೇಳಿದ. "ಅಪ್ಪ, ನೀನು ಒಂದು ಗಂಟೆಗೆ ಎಷ್ಟು ಹಣ ಸಂಪಾದಿಸುವೆ?" ಎಂದು ಮಗ ಕೇಳಿದ. ಅಪ್ಪನಿಂದ ತಲೆಯೆತ್ತಿದ ಅಪ್ಪ "ನಿನಗೇಕೆ ಬೇಕು ಅದೆಲ್ಲಾ?" ಎಂದು ಮರು ಪ್ರಶ್ನೆ ಹಾಕಿದ. "ಹೇಳು ಅಪ್ಪ, ಸುಮ್ಮನೆ ಕೇಳಿದೆ" ಎಂದು ಮಗ ಹಠ ಹಿಡಿದ. ಬೇಸರದಿಂದಲೇ ಹೋದ ಅಪ್ಪ "ನಾನು ಒಂದು ಘಂಟೆಗೆ 500 ರೂಪಾಯಿ ಸಂಪಾದಿಸುತ್ತೇನೆ" ಎಂದು ಹೇಳಿದ. ಸ್ವಲ್ಪ ಹೊತ್ತು ಯೋಚಿಸಿದ ಮಗ, "ಅಪ್ಪ, ನನಗೆ 300 ರೂಪಾಯಿ ಸಾಲವಾಗಿ ಕೊಡುತ್ತೀಯಾ?" ಎಂದು ಕೇಳಿದ. ಅಪ್ಪನ ಕೋಪ ನೆತ್ತಿಗೇರಿತು. "ಏನು ಆಟಿಕೆ ಕೊಳ್ಳುವುದಕ್ಕೋ ಅಥವಾ ಬೇರೆ ಏನೋ ಸಿಲ್ಲಿ ವಸ್ತು ಕೊಳ್ಳುವುದಕ್ಕೋ ನಿನಗೆ ಹಣ ಬೇಕಾ? ಹೋಗಿ ಮಲಗು" ಎಂದು ಗದರಿದ.
ಕೇಳಿದೆ, ಹಾಗೇ ಹಣ ಕೇಳಲು ಅತನಿಗೆ ಆದೆಷ್ಟು ಧೈರ್ಯ ಎಂದು ಕೋಪಗೊಂಡ. ಒಂದು ಗಂಟೆಯ ನಂತರ ತುಸು ತಣ್ಣಗಾದ ಮನಸ್ಸಿನಿಂದ ಅಪ್ಪ ಮತ್ತೆ ಯೋಚಿಸಿದ. ಮಗ ಏಂದೂ ಹೀಗೆ ಹಣ ಕೇಳಿದ್ದಿಲ್ಲ. ನಿಜಕ್ಕೂ ಅವನಿಗೆ ಏನಾದರೂ ಬೇಕಿರಬೇಕು ಎಂದು ಯೋಚಿಸಿ ಮಗನ ಕೋಣೆಗೆ ಹೋದ. "ಮಲಗಿದ್ದೀಯಾ ಮಗನೆ?" ಎಂದು ಕೇಳಿದ. "ಇಲ್ಲ ಅಪ್ಪ, ನಾನು ಎಚ್ಚರವಾಗಿದ್ದೇನೆ" ಎಂದ ಮಗ. "ಸಾರಿ ಪುಟ್ಟ, ನಿನ್ನ ಮೇಲೆ ಕೂಗಾಡಿದೆ. ಇಂದು ಕಚೇರಿಯಲ್ಲಿ ತುಂಬಾ ಕೆಲಸವಿತ್ತು. ಇಗೋ ತಗೋ 500 ರೂ. ಹಣ" ಎಂದ ಅಪ್ಪ. ಮಗನ ಮುಖ ಖುಷಿಯಿಂದ ಅರಳಿತು. ದಿಂಬಿನ ಕೆಳಗಿನಿಂದ ಮುದುಡಿದ ಕೆಲವು ನೋಟುಗಳನ್ನು ತೆಗೆದು ಎಣಿಸಲಾರಂಭಿಸಿದ.
ಮಾಡಿಕೊಂಡ ಅಪ್ಪ ಮತ್ತೆ ಸಿಟ್ಟಿಗೆದ್ದ. "ನಿನ್ನ ಹತ್ತಿರ ಈಗಾಗಲೇ ಹಣ ಇದ್ದರೂ ನನ್ನನ್ನು ಮತ್ತೆ ಯಾಕೆ ಕೇಳಿದೆ?" ಎಂದು ಕೇಳಿದ. "ಈಗಾಗಲೇ 500 ರೂ ಇದ್ದರೂ ಮತ್ತೆ 500 ರೂ ಏಕೆ ಬೇಕು?" ಎಂದು ಮಗನನ್ನು ಗದರಿದ. "ನನ್ನ ಬಳಿ ಸಾಕಷ್ಟು ಹಣ ಇರಲಿಲ್ಲ, ಈಗ ಇದೆ. ಅಪ್ಪ, ನನ್ನ ಬಳಿ ಈಗ 1000 ರೂ ಇದೆ. ನಿನ್ನ ಒಂದು ಗಂಟೆಯ ಸಮಯವನ್ನು ನಾನು ಕೊಳ್ಳಬಹುದೇ? ನಾಳೆ ನೀನು ಕಚೇರಿಯಿಂದ ಒಂದು ಗಂಟೆ ಮುಂಚೆ ಬಂದು ನನ್ನೊಂದಿಗೆ ಊಟ ಮಾಡಬಹುದೇ?" ಎಂದು ಮಗ ಕೇಳಿದ.
ಕಳೆಯುವುದೇ ಎಂಬ ಆಸೆಯನ್ನು ತಿಳಿಸಿದನು ನನ್ನ ಕೆಲಸದಲ್ಲಿ ನಿರತನಾಗಿರುವುದು ತಪ್ಪು ಎಂದು ಅಪ್ಪನಿಗೆ ಅರ್ಥವಾಯಿತು. ಮಗನನ್ನು ಅಪ್ಪಿಕೊಂಡ ಅಪ್ಪ ಕಣ್ಣೀರಿಟ್ಟ. ಸ್ನೇಹಿತರೇ, ನಮ್ಮ ಮಕ್ಕಳಿಗೆ ಬೇಕಾಗಿರುವುದು ಹಣ, ಆಟಿಕೆ ಅಥವಾ ಬೆಲೆ ಬಾಳುವ ವಸ್ತುಗಳಲ್ಲ. ಅವರಿಗೆ ಬೇಕಾಗಿರುವುದು ನಮ್ಮ ಸಮಯ, ಪ್ರೀತಿ ಮತ್ತು ಕಾಳಜಿ. ಮನುಷ್ಯ ಜೀವನದಲ್ಲಿ ಓಡಿ ಓಡಿ ಹಣ ಸಂಪಾದಿಸುವ ಭರದಲ್ಲಿ ಕುಟುಂಬ ಜೊತೆಗಿನ ಅಮೂಲ್ಯ ಕ್ಷಣಗಳನ್ನು ಕಳೆದುಕೊಳ್ಳುತ್ತಾನೆ. ಮಕ್ಕಳು ಬೆಳೆದು ದೊಡ್ಡವರಾದ ಮೇಲೆ ಆ ಕ್ಷಣಗಳು ಮತ್ತೆ ಬರುವುದಿಲ್ಲ. ಹೀಗಾಗಿ ನಮ್ಮ ಪ್ರೀತಿಪಾತ್ರರೊಂದಿಗೆ ಕಾಲ ಕಳೆಯೋಣ.
ನಮ್ಮ ಮಕ್ಕಳು ನಮ್ಮಿಂದ ನಿರೀಕ್ಷಿಸುವುದು ಪ್ರೀತಿ, ಸಮಯ ಮತ್ತು ಮಾರ್ಗದರ್ಶನ. ಅವರಿಗೆ ನಮ್ಮ ಜೊತೆ ಕಳೆದ ಕ್ಷಣಗಳು ಜೀವನಪೂರ್ತಿ ನೆನಪಿನಲ್ಲಿ ಉಳಿಯುತ್ತವೆ. ಹಣವನ್ನು ಮತ್ತೆ ಸಂಪಾದಿಸಬಹುದು ಆದರೆ ಕಳೆದ ಸಮಯವನ್ನು ಮರಳಿ ಪಡೆಯಲು ಸಾಧ್ಯವಿಲ್ಲ. ಪಾಲಕರಾದ ನಾವು ಮಕ್ಕಳೊಂದಿಗೆ ಸಮಯ ಕಳೆದು ಅವರ ಬಾಲ್ಯವನ್ನು ಸುಂದರಗೊಳಿಸೋಣ. ಇಲ್ಲದಿದ್ದರೆ ನಾವು ಅವರನ್ನು ಬೆಳೆಸುವ ವೇಳೆಗೆ ಅವರು ನಮ್ಮಿಂದ ದೂರವಾಗಿರುತ್ತಾರೆ.
